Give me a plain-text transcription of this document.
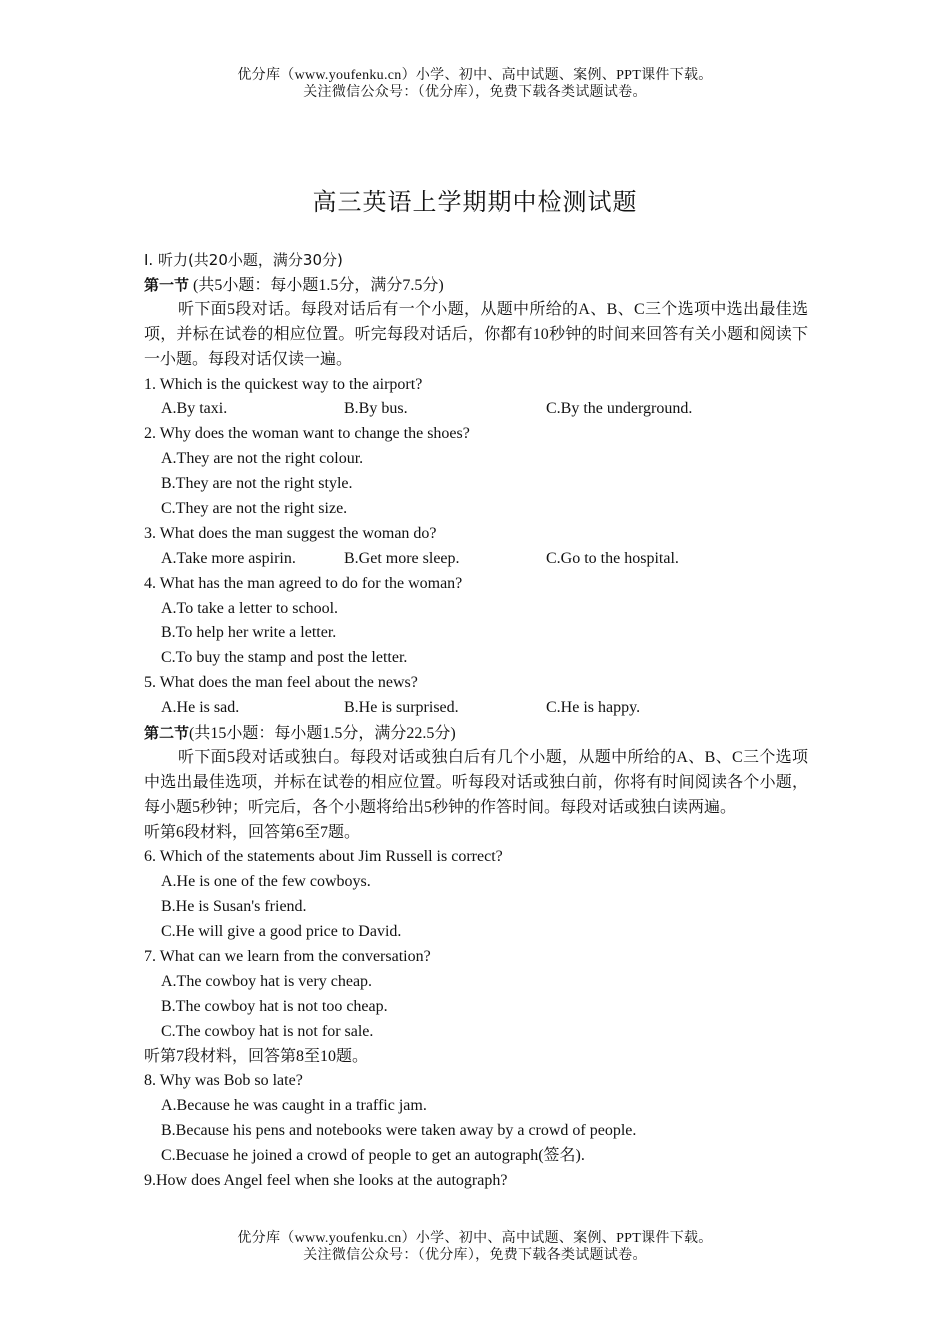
优分库（www.youfenku.cn）小学、初中、高中试题、案例、PPT课件下载。
关注微信公众号：（优分库），免费下载各类试题试卷。
高三英语上学期期中检测试题
Ⅰ. 听力(共20小题，满分30分)
第一节 (共5小题：每小题1.5分，满分7.5分)
听下面5段对话。每段对话后有一个小题，从题中所给的A、B、C三个选项中选出最佳选项，并标在试卷的相应位置。听完每段对话后，你都有10秒钟的时间来回答有关小题和阅读下一小题。每段对话仅读一遍。
1. Which is the quickest way to the airport?
A.By taxi.	B.By bus.	C.By the underground.
2. Why does the woman want to change the shoes?
A.They are not the right colour.
B.They are not the right style.
C.They are not the right size.
3. What does the man suggest the woman do?
A.Take more aspirin.	B.Get more sleep.	C.Go to the hospital.
4. What has the man agreed to do for the woman?
A.To take a letter to school.
B.To help her write a letter.
C.To buy the stamp and post the letter.
5. What does the man feel about the news?
A.He is sad.	B.He is surprised.	C.He is happy.
第二节(共15小题：每小题1.5分，满分22.5分)
听下面5段对话或独白。每段对话或独白后有几个小题，从题中所给的A、B、C三个选项中选出最佳选项，并标在试卷的相应位置。听每段对话或独白前，你将有时间阅读各个小题，每小题5秒钟；听完后，各个小题将给出5秒钟的作答时间。每段对话或独白读两遍。
听第6段材料，回答第6至7题。
6. Which of the statements about Jim Russell is correct?
A.He is one of the few cowboys.
B.He is Susan's friend.
C.He will give a good price to David.
7. What can we learn from the conversation?
A.The cowboy hat is very cheap.
B.The cowboy hat is not too cheap.
C.The cowboy hat is not for sale.
听第7段材料，回答第8至10题。
8. Why was Bob so late?
A.Because he was caught in a traffic jam.
B.Because his pens and notebooks were taken away by a crowd of people.
C.Becuase he joined a crowd of people to get an autograph(签名).
9.How does Angel feel when she looks at the autograph?
优分库（www.youfenku.cn）小学、初中、高中试题、案例、PPT课件下载。
关注微信公众号：（优分库），免费下载各类试题试卷。
